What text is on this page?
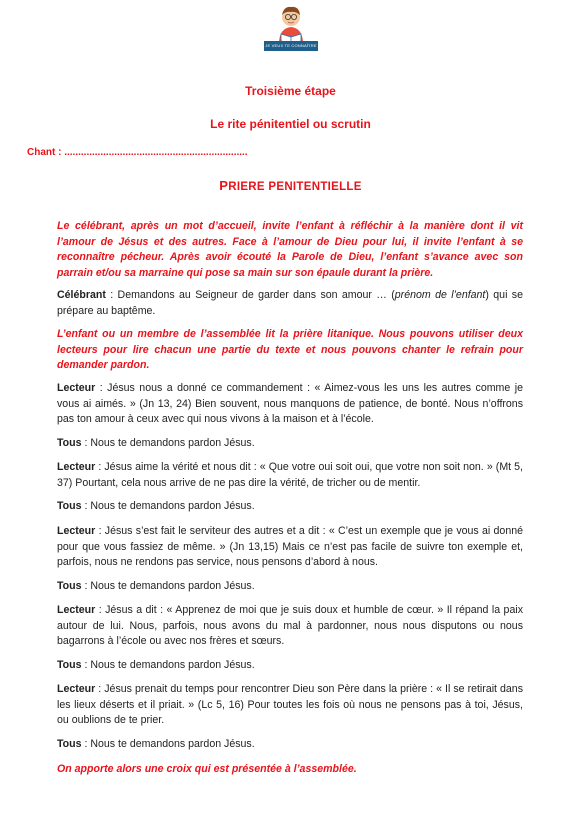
JE VEUX TE CONNAÎTRE
Troisième étape
Le rite pénitentiel ou scrutin
Chant : ..................................................................
PRIERE PENITENTIELLE

Le célébrant, après un mot d’accueil, invite l’enfant à réfléchir à la manière dont il vit l’amour de Jésus et des autres. Face à l’amour de Dieu pour lui, il invite l’enfant à se reconnaître pécheur. Après avoir écouté la Parole de Dieu, l’enfant s’avance avec son parrain et/ou sa marraine qui pose sa main sur son épaule durant la prière.

Célébrant : Demandons au Seigneur de garder dans son amour … (prénom de l’enfant) qui se prépare au baptême.

L’enfant ou un membre de l’assemblée lit la prière litanique. Nous pouvons utiliser deux lecteurs pour lire chacun une partie du texte et nous pouvons chanter le refrain pour demander pardon.

Lecteur : Jésus nous a donné ce commandement : « Aimez-vous les uns les autres comme je vous ai aimés. » (Jn 13, 24) Bien souvent, nous manquons de patience, de bonté. Nous n’offrons pas ton amour à ceux avec qui nous vivons à la maison et à l’école.

Tous : Nous te demandons pardon Jésus.

Lecteur : Jésus aime la vérité et nous dit : « Que votre oui soit oui, que votre non soit non. » (Mt 5, 37) Pourtant, cela nous arrive de ne pas dire la vérité, de tricher ou de mentir.

Tous : Nous te demandons pardon Jésus.

Lecteur : Jésus s’est fait le serviteur des autres et a dit : « C’est un exemple que je vous ai donné pour que vous fassiez de même. » (Jn 13,15) Mais ce n’est pas facile de suivre ton exemple et, parfois, nous ne rendons pas service, nous pensons d’abord à nous.

Tous : Nous te demandons pardon Jésus.

Lecteur : Jésus a dit : « Apprenez de moi que je suis doux et humble de cœur. » Il répand la paix autour de lui. Nous, parfois, nous avons du mal à pardonner, nous nous disputons ou nous bagarrons à l’école ou avec nos frères et sœurs.

Tous : Nous te demandons pardon Jésus.

Lecteur : Jésus prenait du temps pour rencontrer Dieu son Père dans la prière : « Il se retirait dans les lieux déserts et il priait. » (Lc 5, 16) Pour toutes les fois où nous ne pensons pas à toi, Jésus, ou oublions de te prier.

Tous : Nous te demandons pardon Jésus.

On apporte alors une croix qui est présentée à l’assemblée.
